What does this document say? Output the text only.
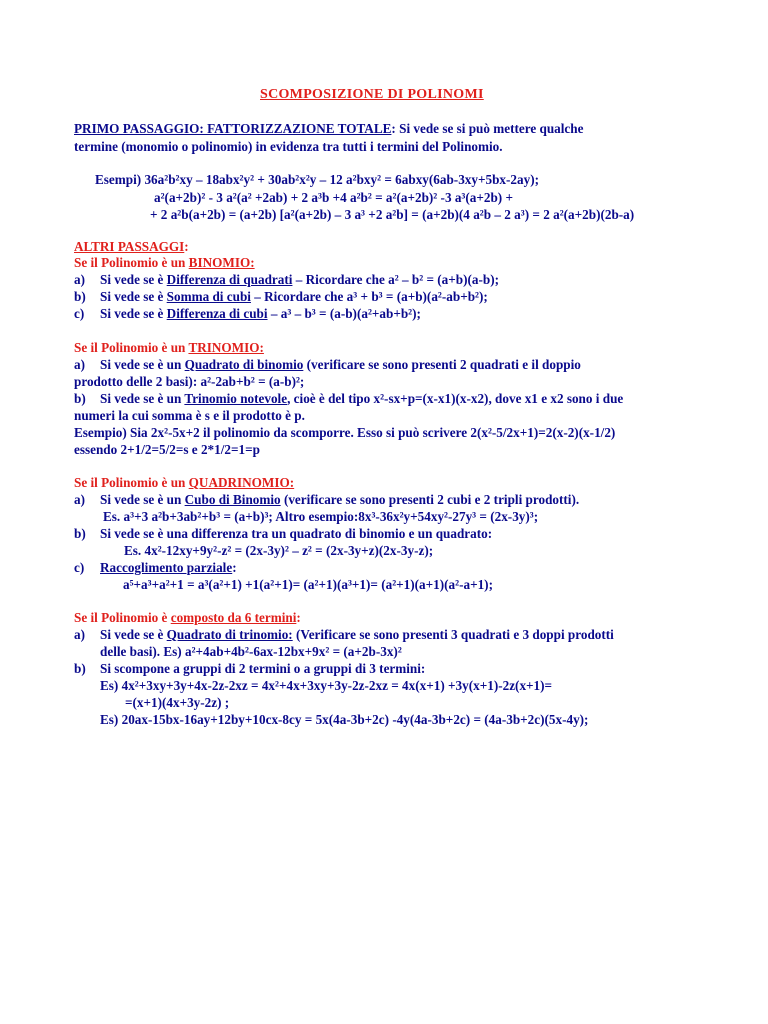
SCOMPOSIZIONE DI POLINOMI
PRIMO PASSAGGIO: FATTORIZZAZIONE TOTALE: Si vede se si può mettere qualche
termine (monomio o polinomio) in evidenza tra tutti i termini del Polinomio.
Esempi) 36a²b²xy – 18abx²y² + 30ab²x²y – 12 a²bxy² = 6abxy(6ab-3xy+5bx-2ay);
a²(a+2b)² - 3 a²(a² +2ab) + 2 a³b +4 a²b² = a²(a+2b)² -3 a³(a+2b) +
+ 2 a²b(a+2b) = (a+2b) [a²(a+2b) – 3 a³ +2 a²b] = (a+2b)(4 a²b – 2 a³) = 2 a²(a+2b)(2b-a)
ALTRI PASSAGGI:
Se il Polinomio è un BINOMIO:
a) Si vede se è Differenza di quadrati – Ricordare che a² – b² = (a+b)(a-b);
b) Si vede se è Somma di cubi – Ricordare che a³ + b³ = (a+b)(a²-ab+b²);
c) Si vede se è Differenza di cubi – a³ – b³ = (a-b)(a²+ab+b²);
Se il Polinomio è un TRINOMIO:
a) Si vede se è un Quadrato di binomio (verificare se sono presenti 2 quadrati e il doppio
prodotto delle 2 basi): a²-2ab+b² = (a-b)²;
b) Si vede se è un Trinomio notevole, cioè è del tipo x²-sx+p=(x-x1)(x-x2), dove x1 e x2 sono i due
numeri la cui somma è s e il prodotto è p.
Esempio) Sia 2x²-5x+2 il polinomio da scomporre. Esso si può scrivere 2(x²-5/2x+1)=2(x-2)(x-1/2)
essendo 2+1/2=5/2=s e 2*1/2=1=p
Se il Polinomio è un QUADRINOMIO:
a) Si vede se è un Cubo di Binomio (verificare se sono presenti 2 cubi e 2 tripli prodotti).
Es. a³+3 a²b+3ab²+b³ = (a+b)³; Altro esempio:8x³-36x²y+54xy²-27y³ = (2x-3y)³;
b) Si vede se è una differenza tra un quadrato di binomio e un quadrato:
Es. 4x²-12xy+9y²-z² = (2x-3y)² – z² = (2x-3y+z)(2x-3y-z);
c) Raccoglimento parziale:
a⁵+a³+a²+1 = a³(a²+1) +1(a²+1)= (a²+1)(a³+1)= (a²+1)(a+1)(a²-a+1);
Se il Polinomio è composto da 6 termini:
a) Si vede se è Quadrato di trinomio: (Verificare se sono presenti 3 quadrati e 3 doppi prodotti
delle basi). Es) a²+4ab+4b²-6ax-12bx+9x² = (a+2b-3x)²
b) Si scompone a gruppi di 2 termini o a gruppi di 3 termini:
Es) 4x²+3xy+3y+4x-2z-2xz = 4x²+4x+3xy+3y-2z-2xz = 4x(x+1) +3y(x+1)-2z(x+1)=
=(x+1)(4x+3y-2z) ;
Es) 20ax-15bx-16ay+12by+10cx-8cy = 5x(4a-3b+2c) -4y(4a-3b+2c) = (4a-3b+2c)(5x-4y);
